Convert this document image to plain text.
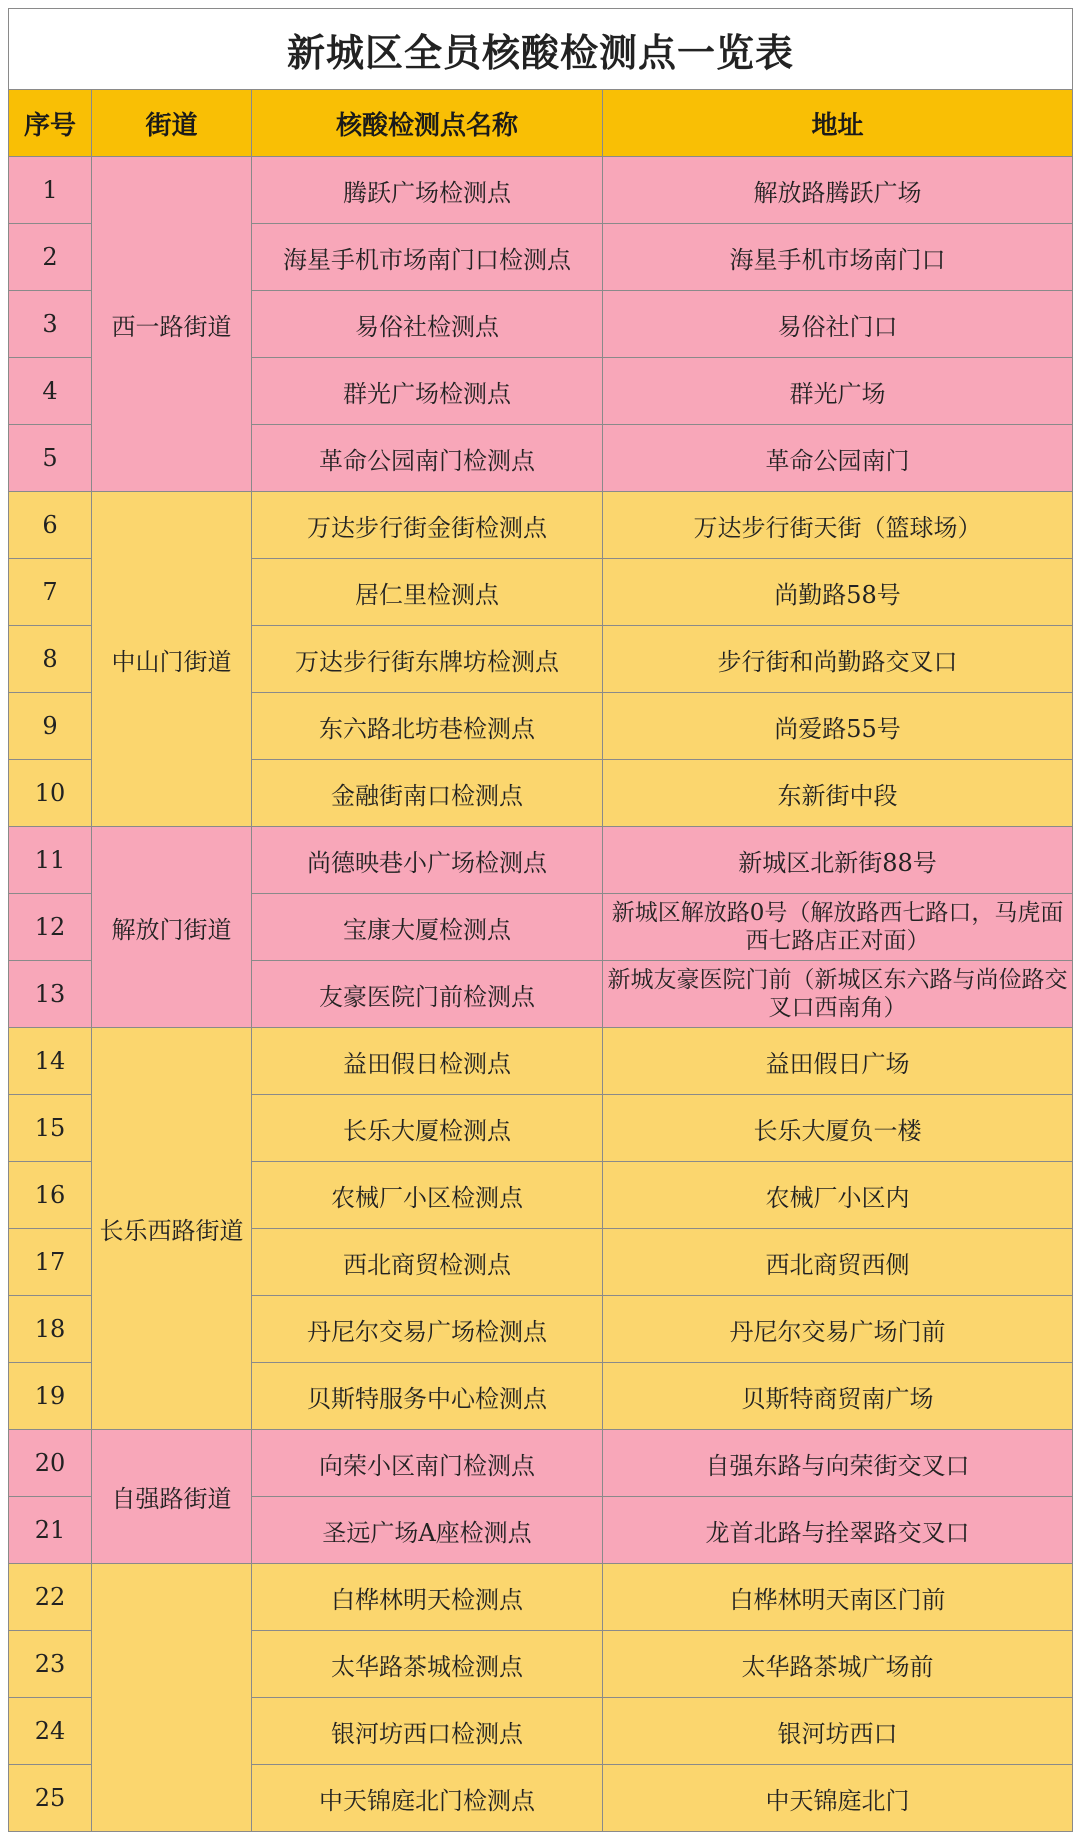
新城区全员核酸检测点一览表			
序号	街道	核酸检测点名称	地址
1	西一路街道	腾跃广场检测点	解放路腾跃广场
2		海星手机市场南门口检测点	海星手机市场南门口
3		易俗社检测点	易俗社门口
4		群光广场检测点	群光广场
5		革命公园南门检测点	革命公园南门
6	中山门街道	万达步行街金街检测点	万达步行街天街（篮球场）
7		居仁里检测点	尚勤路58号
8		万达步行街东牌坊检测点	步行街和尚勤路交叉口
9		东六路北坊巷检测点	尚爱路55号
10		金融街南口检测点	东新街中段
11	解放门街道	尚德映巷小广场检测点	新城区北新街88号
12		宝康大厦检测点	新城区解放路0号（解放路西七路口，马虎面西七路店正对面）
13		友豪医院门前检测点	新城友豪医院门前（新城区东六路与尚俭路交叉口西南角）
14	长乐西路街道	益田假日检测点	益田假日广场
15		长乐大厦检测点	长乐大厦负一楼
16		农械厂小区检测点	农械厂小区内
17		西北商贸检测点	西北商贸西侧
18		丹尼尔交易广场检测点	丹尼尔交易广场门前
19		贝斯特服务中心检测点	贝斯特商贸南广场
20	自强路街道	向荣小区南门检测点	自强东路与向荣街交叉口
21		圣远广场A座检测点	龙首北路与拴翠路交叉口
22		白桦林明天检测点	白桦林明天南区门前
23		太华路茶城检测点	太华路茶城广场前
24		银河坊西口检测点	银河坊西口
25		中天锦庭北门检测点	中天锦庭北门
